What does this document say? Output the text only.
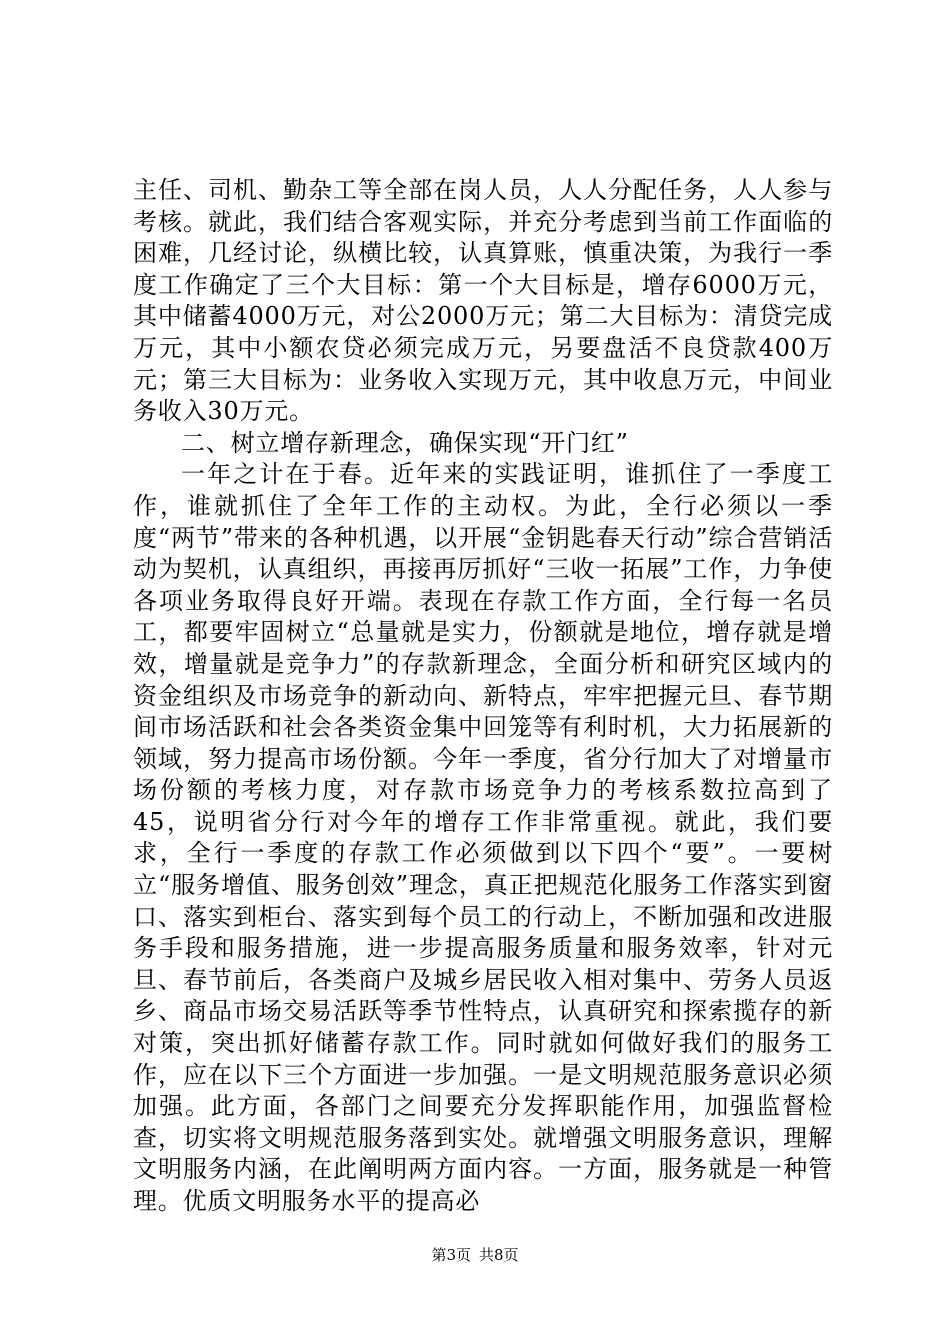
主任、司机、勤杂工等全部在岗人员，人人分配任务，人人参与考核。就此，我们结合客观实际，并充分考虑到当前工作面临的困难，几经讨论，纵横比较，认真算账，慎重决策，为我行一季度工作确定了三个大目标：第一个大目标是，增存6000万元，其中储蓄4000万元，对公2000万元；第二大目标为：清贷完成万元，其中小额农贷必须完成万元，另要盘活不良贷款400万元；第三大目标为：业务收入实现万元，其中收息万元，中间业务收入30万元。

二、树立增存新理念，确保实现“开门红”

一年之计在于春。近年来的实践证明，谁抓住了一季度工作，谁就抓住了全年工作的主动权。为此，全行必须以一季度“两节”带来的各种机遇，以开展“金钥匙春天行动”综合营销活动为契机，认真组织，再接再厉抓好“三收一拓展”工作，力争使各项业务取得良好开端。表现在存款工作方面，全行每一名员工，都要牢固树立“总量就是实力，份额就是地位，增存就是增效，增量就是竞争力”的存款新理念，全面分析和研究区域内的资金组织及市场竞争的新动向、新特点，牢牢把握元旦、春节期间市场活跃和社会各类资金集中回笼等有利时机，大力拓展新的领域，努力提高市场份额。今年一季度，省分行加大了对增量市场份额的考核力度，对存款市场竞争力的考核系数拉高到了45，说明省分行对今年的增存工作非常重视。就此，我们要求，全行一季度的存款工作必须做到以下四个“要”。一要树立“服务增值、服务创效”理念，真正把规范化服务工作落实到窗口、落实到柜台、落实到每个员工的行动上，不断加强和改进服务手段和服务措施，进一步提高服务质量和服务效率，针对元旦、春节前后，各类商户及城乡居民收入相对集中、劳务人员返乡、商品市场交易活跃等季节性特点，认真研究和探索揽存的新对策，突出抓好储蓄存款工作。同时就如何做好我们的服务工作，应在以下三个方面进一步加强。一是文明规范服务意识必须加强。此方面，各部门之间要充分发挥职能作用，加强监督检查，切实将文明规范服务落到实处。就增强文明服务意识，理解文明服务内涵，在此阐明两方面内容。一方面，服务就是一种管理。优质文明服务水平的提高必

第3页 共8页
